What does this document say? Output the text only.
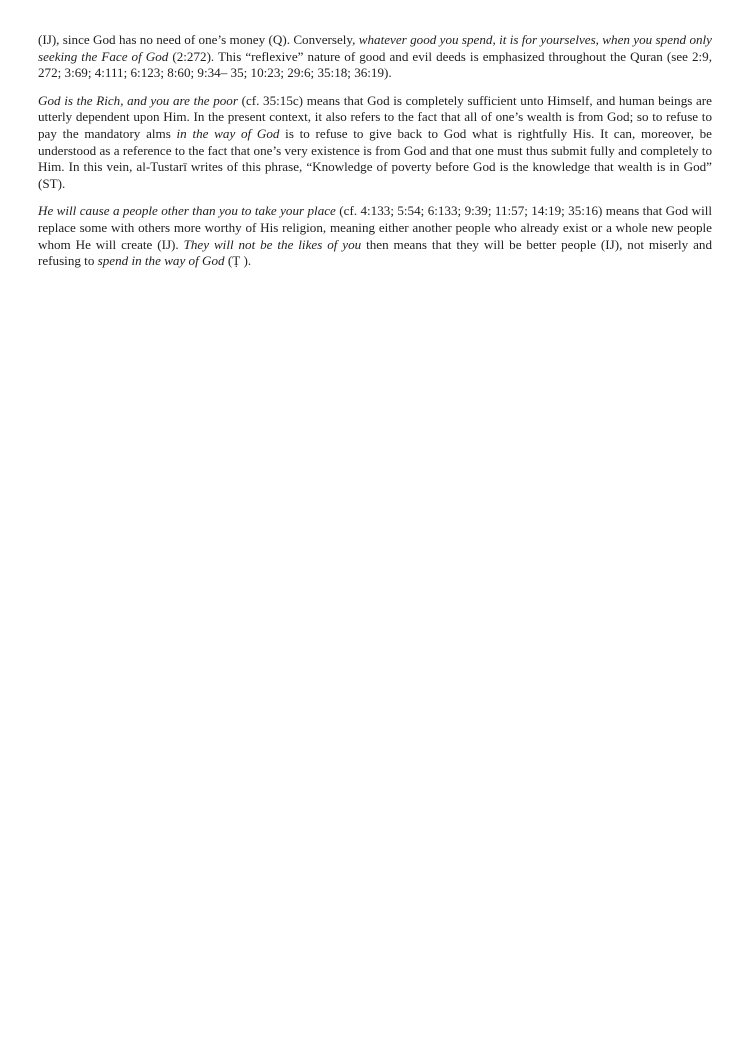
(IJ), since God has no need of one’s money (Q). Conversely, whatever good you spend, it is for yourselves, when you spend only seeking the Face of God (2:272). This “reflexive” nature of good and evil deeds is emphasized throughout the Quran (see 2:9, 272; 3:69; 4:111; 6:123; 8:60; 9:34– 35; 10:23; 29:6; 35:18; 36:19).

God is the Rich, and you are the poor (cf. 35:15c) means that God is completely sufficient unto Himself, and human beings are utterly dependent upon Him. In the present context, it also refers to the fact that all of one’s wealth is from God; so to refuse to pay the mandatory alms in the way of God is to refuse to give back to God what is rightfully His. It can, moreover, be understood as a reference to the fact that one’s very existence is from God and that one must thus submit fully and completely to Him. In this vein, al-Tustarī writes of this phrase, “Knowledge of poverty before God is the knowledge that wealth is in God” (ST).

He will cause a people other than you to take your place (cf. 4:133; 5:54; 6:133; 9:39; 11:57; 14:19; 35:16) means that God will replace some with others more worthy of His religion, meaning either another people who already exist or a whole new people whom He will create (IJ). They will not be the likes of you then means that they will be better people (IJ), not miserly and refusing to spend in the way of God (Ṭ ).
